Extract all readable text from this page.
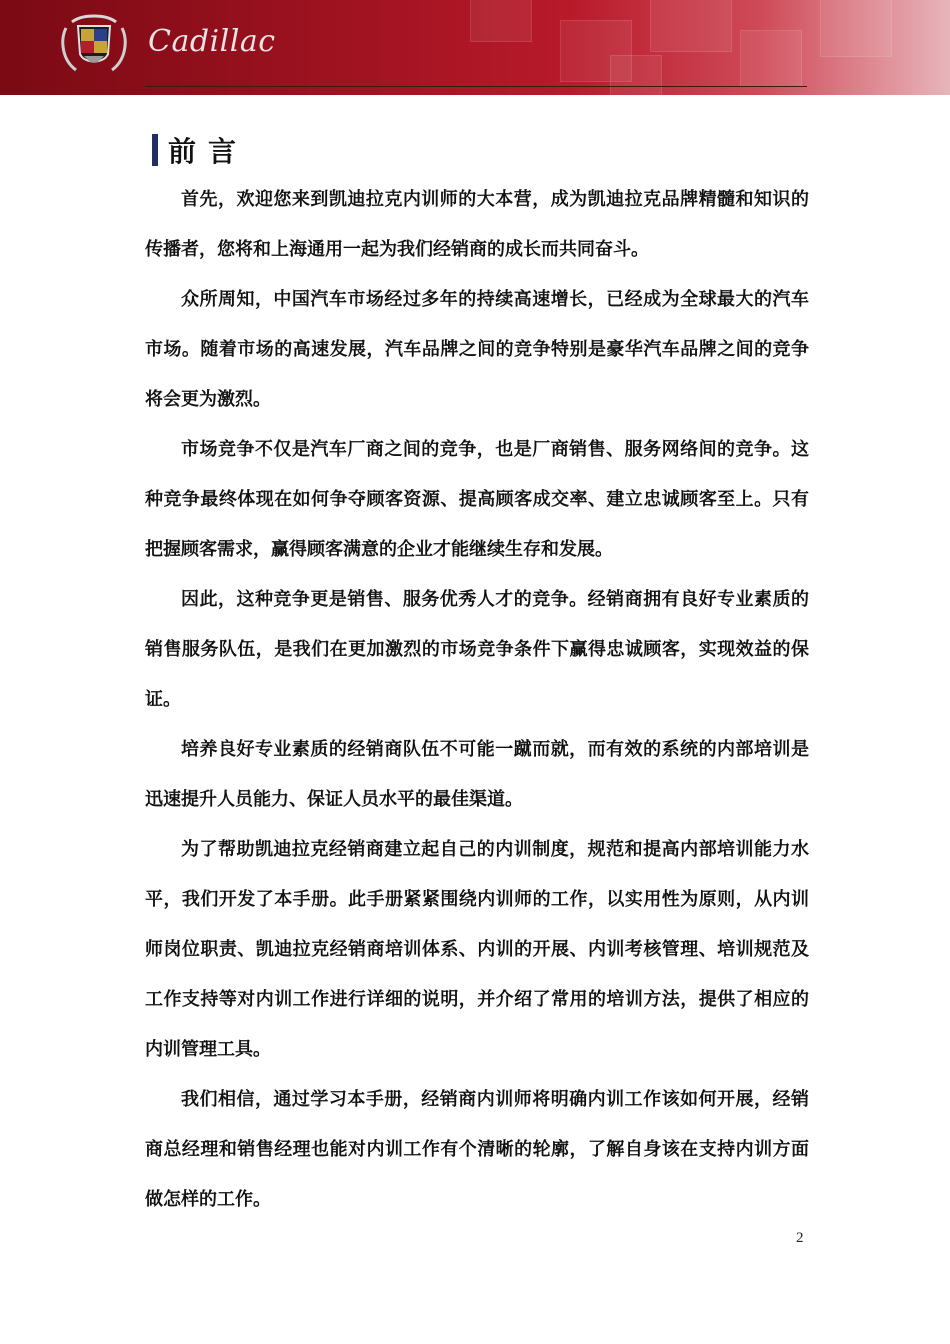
Cadillac
前言

首先，欢迎您来到凯迪拉克内训师的大本营，成为凯迪拉克品牌精髓和知识的传播者，您将和上海通用一起为我们经销商的成长而共同奋斗。

众所周知，中国汽车市场经过多年的持续高速增长，已经成为全球最大的汽车市场。随着市场的高速发展，汽车品牌之间的竞争特别是豪华汽车品牌之间的竞争将会更为激烈。

市场竞争不仅是汽车厂商之间的竞争，也是厂商销售、服务网络间的竞争。这种竞争最终体现在如何争夺顾客资源、提高顾客成交率、建立忠诚顾客至上。只有把握顾客需求，赢得顾客满意的企业才能继续生存和发展。

因此，这种竞争更是销售、服务优秀人才的竞争。经销商拥有良好专业素质的销售服务队伍，是我们在更加激烈的市场竞争条件下赢得忠诚顾客，实现效益的保证。

培养良好专业素质的经销商队伍不可能一蹴而就，而有效的系统的内部培训是迅速提升人员能力、保证人员水平的最佳渠道。

为了帮助凯迪拉克经销商建立起自己的内训制度，规范和提高内部培训能力水平，我们开发了本手册。此手册紧紧围绕内训师的工作，以实用性为原则，从内训师岗位职责、凯迪拉克经销商培训体系、内训的开展、内训考核管理、培训规范及工作支持等对内训工作进行详细的说明，并介绍了常用的培训方法，提供了相应的内训管理工具。

我们相信，通过学习本手册，经销商内训师将明确内训工作该如何开展，经销商总经理和销售经理也能对内训工作有个清晰的轮廓，了解自身该在支持内训方面做怎样的工作。

2
